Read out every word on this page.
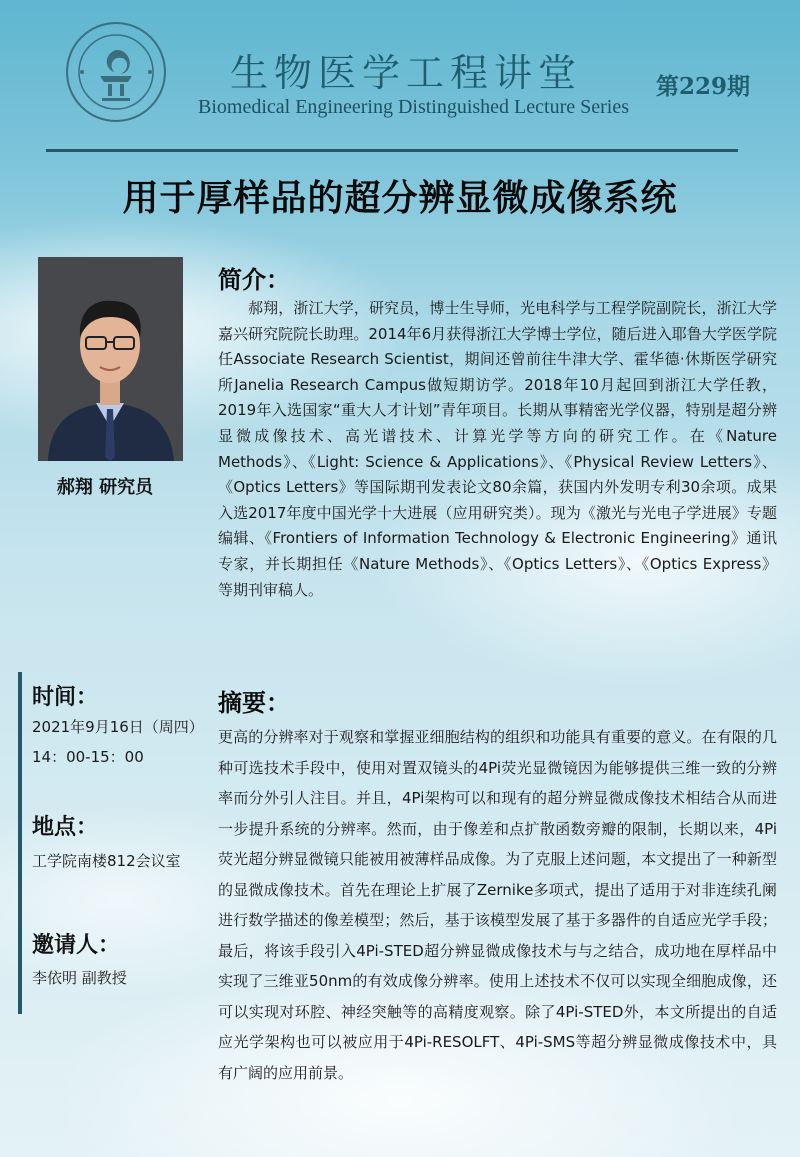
生物医学工程讲堂
Biomedical Engineering Distinguished Lecture Series
第229期
用于厚样品的超分辨显微成像系统
郝翔 研究员
简介：
郝翔，浙江大学，研究员，博士生导师，光电科学与工程学院副院长，浙江大学嘉兴研究院院长助理。2014年6月获得浙江大学博士学位，随后进入耶鲁大学医学院任Associate Research Scientist，期间还曾前往牛津大学、霍华德·休斯医学研究所Janelia Research Campus做短期访学。2018年10月起回到浙江大学任教，2019年入选国家“重大人才计划”青年项目。长期从事精密光学仪器，特别是超分辨显微成像技术、高光谱技术、计算光学等方向的研究工作。在《Nature Methods》、《Light: Science & Applications》、《Physical Review Letters》、《Optics Letters》等国际期刊发表论文80余篇，获国内外发明专利30余项。成果入选2017年度中国光学十大进展（应用研究类）。现为《激光与光电子学进展》专题编辑、《Frontiers of Information Technology & Electronic Engineering》通讯专家，并长期担任《Nature Methods》、《Optics Letters》、《Optics Express》等期刊审稿人。
时间：
2021年9月16日（周四）
14：00-15：00
地点：
工学院南楼812会议室
邀请人：
李依明 副教授
摘要：
更高的分辨率对于观察和掌握亚细胞结构的组织和功能具有重要的意义。在有限的几种可选技术手段中，使用对置双镜头的4Pi荧光显微镜因为能够提供三维一致的分辨率而分外引人注目。并且，4Pi架构可以和现有的超分辨显微成像技术相结合从而进一步提升系统的分辨率。然而，由于像差和点扩散函数旁瓣的限制，长期以来，4Pi荧光超分辨显微镜只能被用被薄样品成像。为了克服上述问题，本文提出了一种新型的显微成像技术。首先在理论上扩展了Zernike多项式，提出了适用于对非连续孔阑进行数学描述的像差模型；然后，基于该模型发展了基于多器件的自适应光学手段；最后，将该手段引入4Pi-STED超分辨显微成像技术与与之结合，成功地在厚样品中实现了三维亚50nm的有效成像分辨率。使用上述技术不仅可以实现全细胞成像，还可以实现对环腔、神经突触等的高精度观察。除了4Pi-STED外，本文所提出的自适应光学架构也可以被应用于4Pi-RESOLFT、4Pi-SMS等超分辨显微成像技术中，具有广阔的应用前景。
